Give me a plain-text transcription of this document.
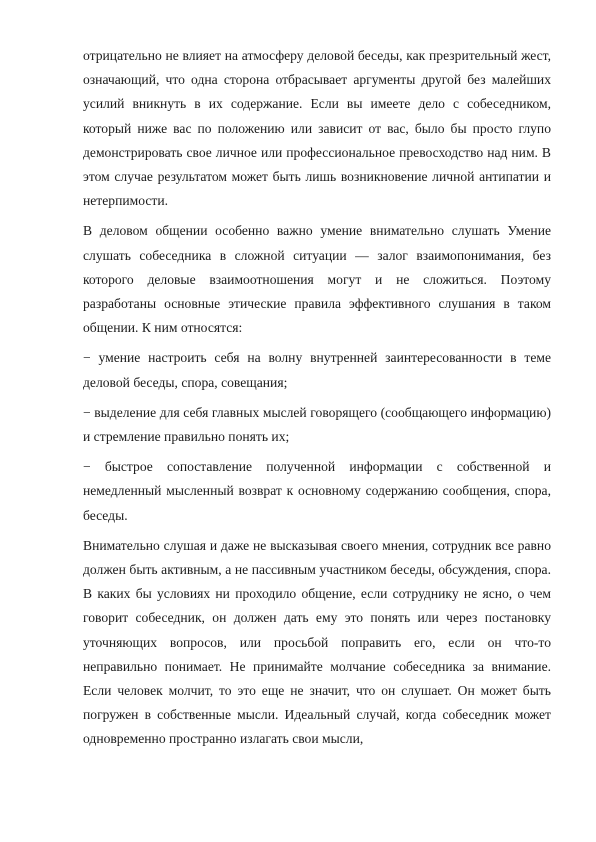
отрицательно не влияет на атмосферу деловой беседы, как презрительный жест, означающий, что одна сторона отбрасывает аргументы другой без малейших усилий вникнуть в их содержание. Если вы имеете дело с собеседником, который ниже вас по положению или зависит от вас, было бы просто глупо демонстрировать свое личное или профессиональное превосходство над ним. В этом случае результатом может быть лишь возникновение личной антипатии и нетерпимости.

В деловом общении особенно важно умение внимательно слушать Умение слушать собеседника в сложной ситуации — залог взаимопонимания, без которого деловые взаимоотношения могут и не сложиться. Поэтому разработаны основные этические правила эффективного слушания в таком общении. К ним относятся:

− умение настроить себя на волну внутренней заинтересованности в теме деловой беседы, спора, совещания;

− выделение для себя главных мыслей говорящего (сообщающего информацию) и стремление правильно понять их;

− быстрое сопоставление полученной информации с собственной и немедленный мысленный возврат к основному содержанию сообщения, спора, беседы.

Внимательно слушая и даже не высказывая своего мнения, сотрудник все равно должен быть активным, а не пассивным участником беседы, обсуждения, спора. В каких бы условиях ни проходило общение, если сотруднику не ясно, о чем говорит собеседник, он должен дать ему это понять или через постановку уточняющих вопросов, или просьбой поправить его, если он что-то неправильно понимает. Не принимайте молчание собеседника за внимание. Если человек молчит, то это еще не значит, что он слушает. Он может быть погружен в собственные мысли. Идеальный случай, когда собеседник может одновременно пространно излагать свои мысли,
